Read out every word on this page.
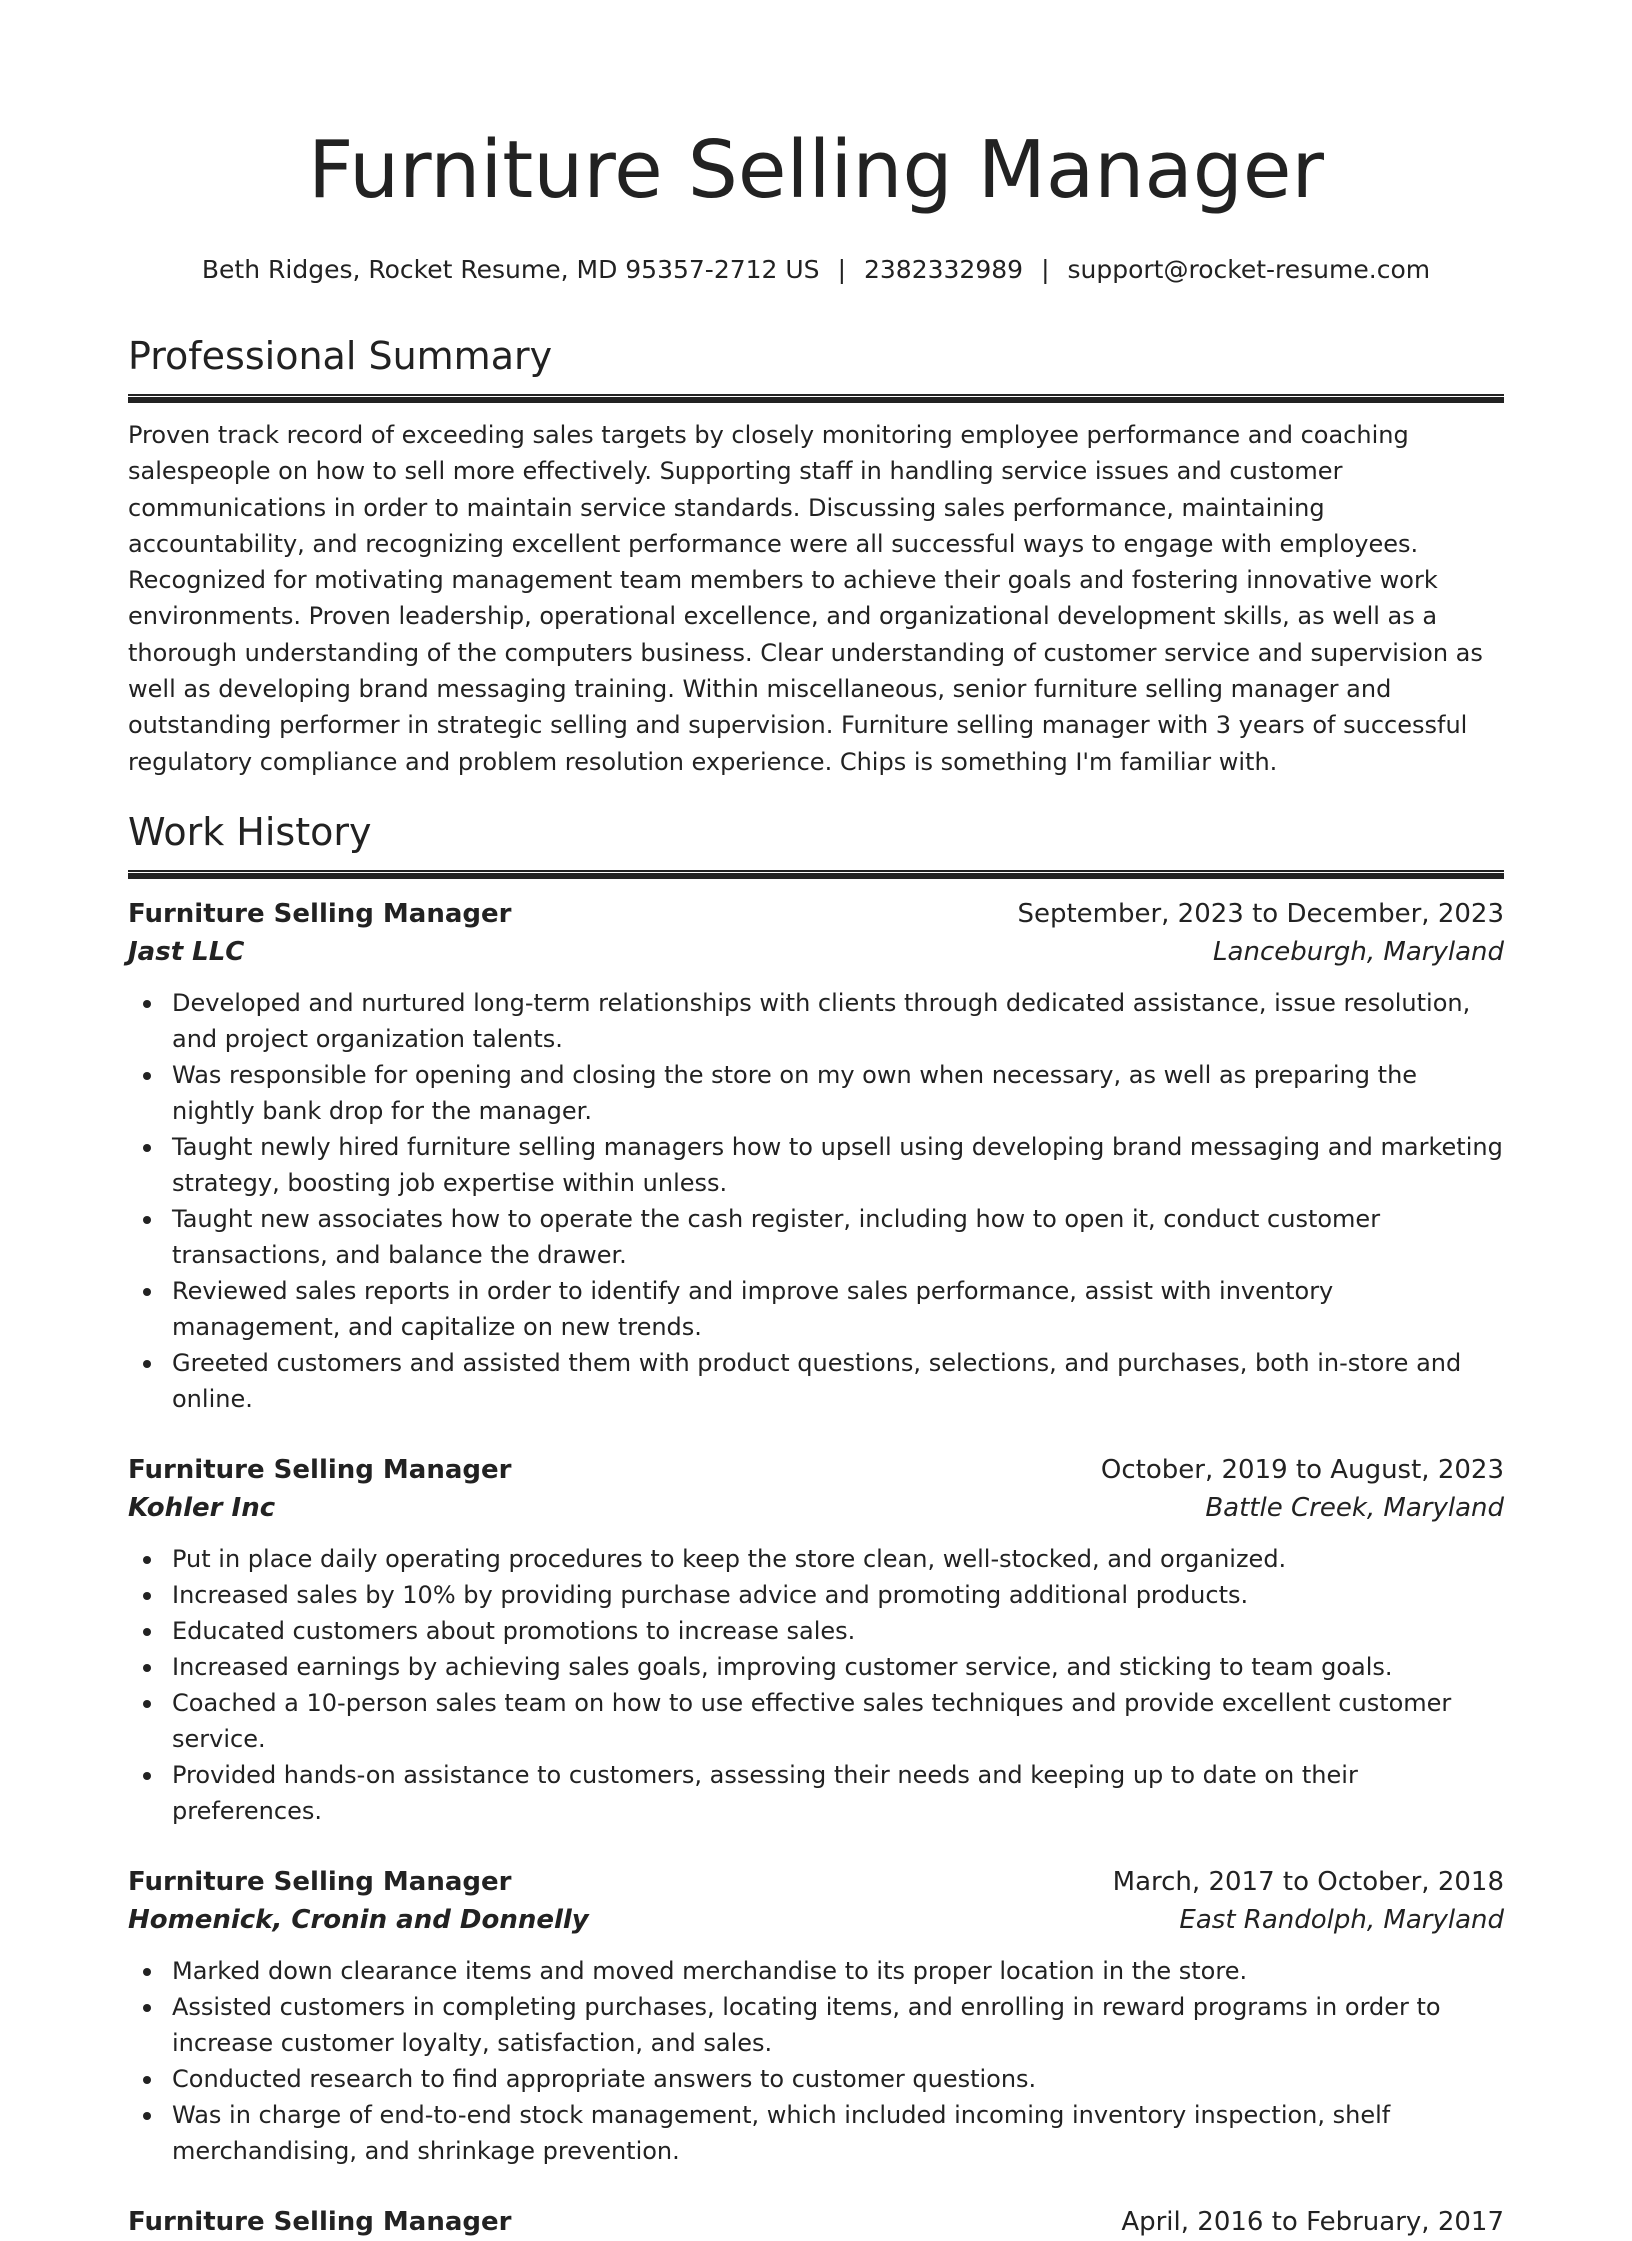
Furniture Selling Manager
Beth Ridges, Rocket Resume, MD 95357-2712 US | 2382332989 | support@rocket-resume.com
Professional Summary

Proven track record of exceeding sales targets by closely monitoring employee performance and coaching salespeople on how to sell more effectively. Supporting staff in handling service issues and customer communications in order to maintain service standards. Discussing sales performance, maintaining accountability, and recognizing excellent performance were all successful ways to engage with employees. Recognized for motivating management team members to achieve their goals and fostering innovative work environments. Proven leadership, operational excellence, and organizational development skills, as well as a thorough understanding of the computers business. Clear understanding of customer service and supervision as well as developing brand messaging training. Within miscellaneous, senior furniture selling manager and outstanding performer in strategic selling and supervision. Furniture selling manager with 3 years of successful regulatory compliance and problem resolution experience. Chips is something I'm familiar with.

Work History
Furniture Selling Manager	September, 2023 to December, 2023
Jast LLC	Lanceburgh, Maryland
Developed and nurtured long-term relationships with clients through dedicated assistance, issue resolution, and project organization talents.
Was responsible for opening and closing the store on my own when necessary, as well as preparing the nightly bank drop for the manager.
Taught newly hired furniture selling managers how to upsell using developing brand messaging and marketing strategy, boosting job expertise within unless.
Taught new associates how to operate the cash register, including how to open it, conduct customer transactions, and balance the drawer.
Reviewed sales reports in order to identify and improve sales performance, assist with inventory management, and capitalize on new trends.
Greeted customers and assisted them with product questions, selections, and purchases, both in-store and online.
Furniture Selling Manager	October, 2019 to August, 2023
Kohler Inc	Battle Creek, Maryland
Put in place daily operating procedures to keep the store clean, well-stocked, and organized.
Increased sales by 10% by providing purchase advice and promoting additional products.
Educated customers about promotions to increase sales.
Increased earnings by achieving sales goals, improving customer service, and sticking to team goals.
Coached a 10-person sales team on how to use effective sales techniques and provide excellent customer service.
Provided hands-on assistance to customers, assessing their needs and keeping up to date on their preferences.
Furniture Selling Manager	March, 2017 to October, 2018
Homenick, Cronin and Donnelly	East Randolph, Maryland
Marked down clearance items and moved merchandise to its proper location in the store.
Assisted customers in completing purchases, locating items, and enrolling in reward programs in order to increase customer loyalty, satisfaction, and sales.
Conducted research to find appropriate answers to customer questions.
Was in charge of end-to-end stock management, which included incoming inventory inspection, shelf merchandising, and shrinkage prevention.
Furniture Selling Manager	April, 2016 to February, 2017
